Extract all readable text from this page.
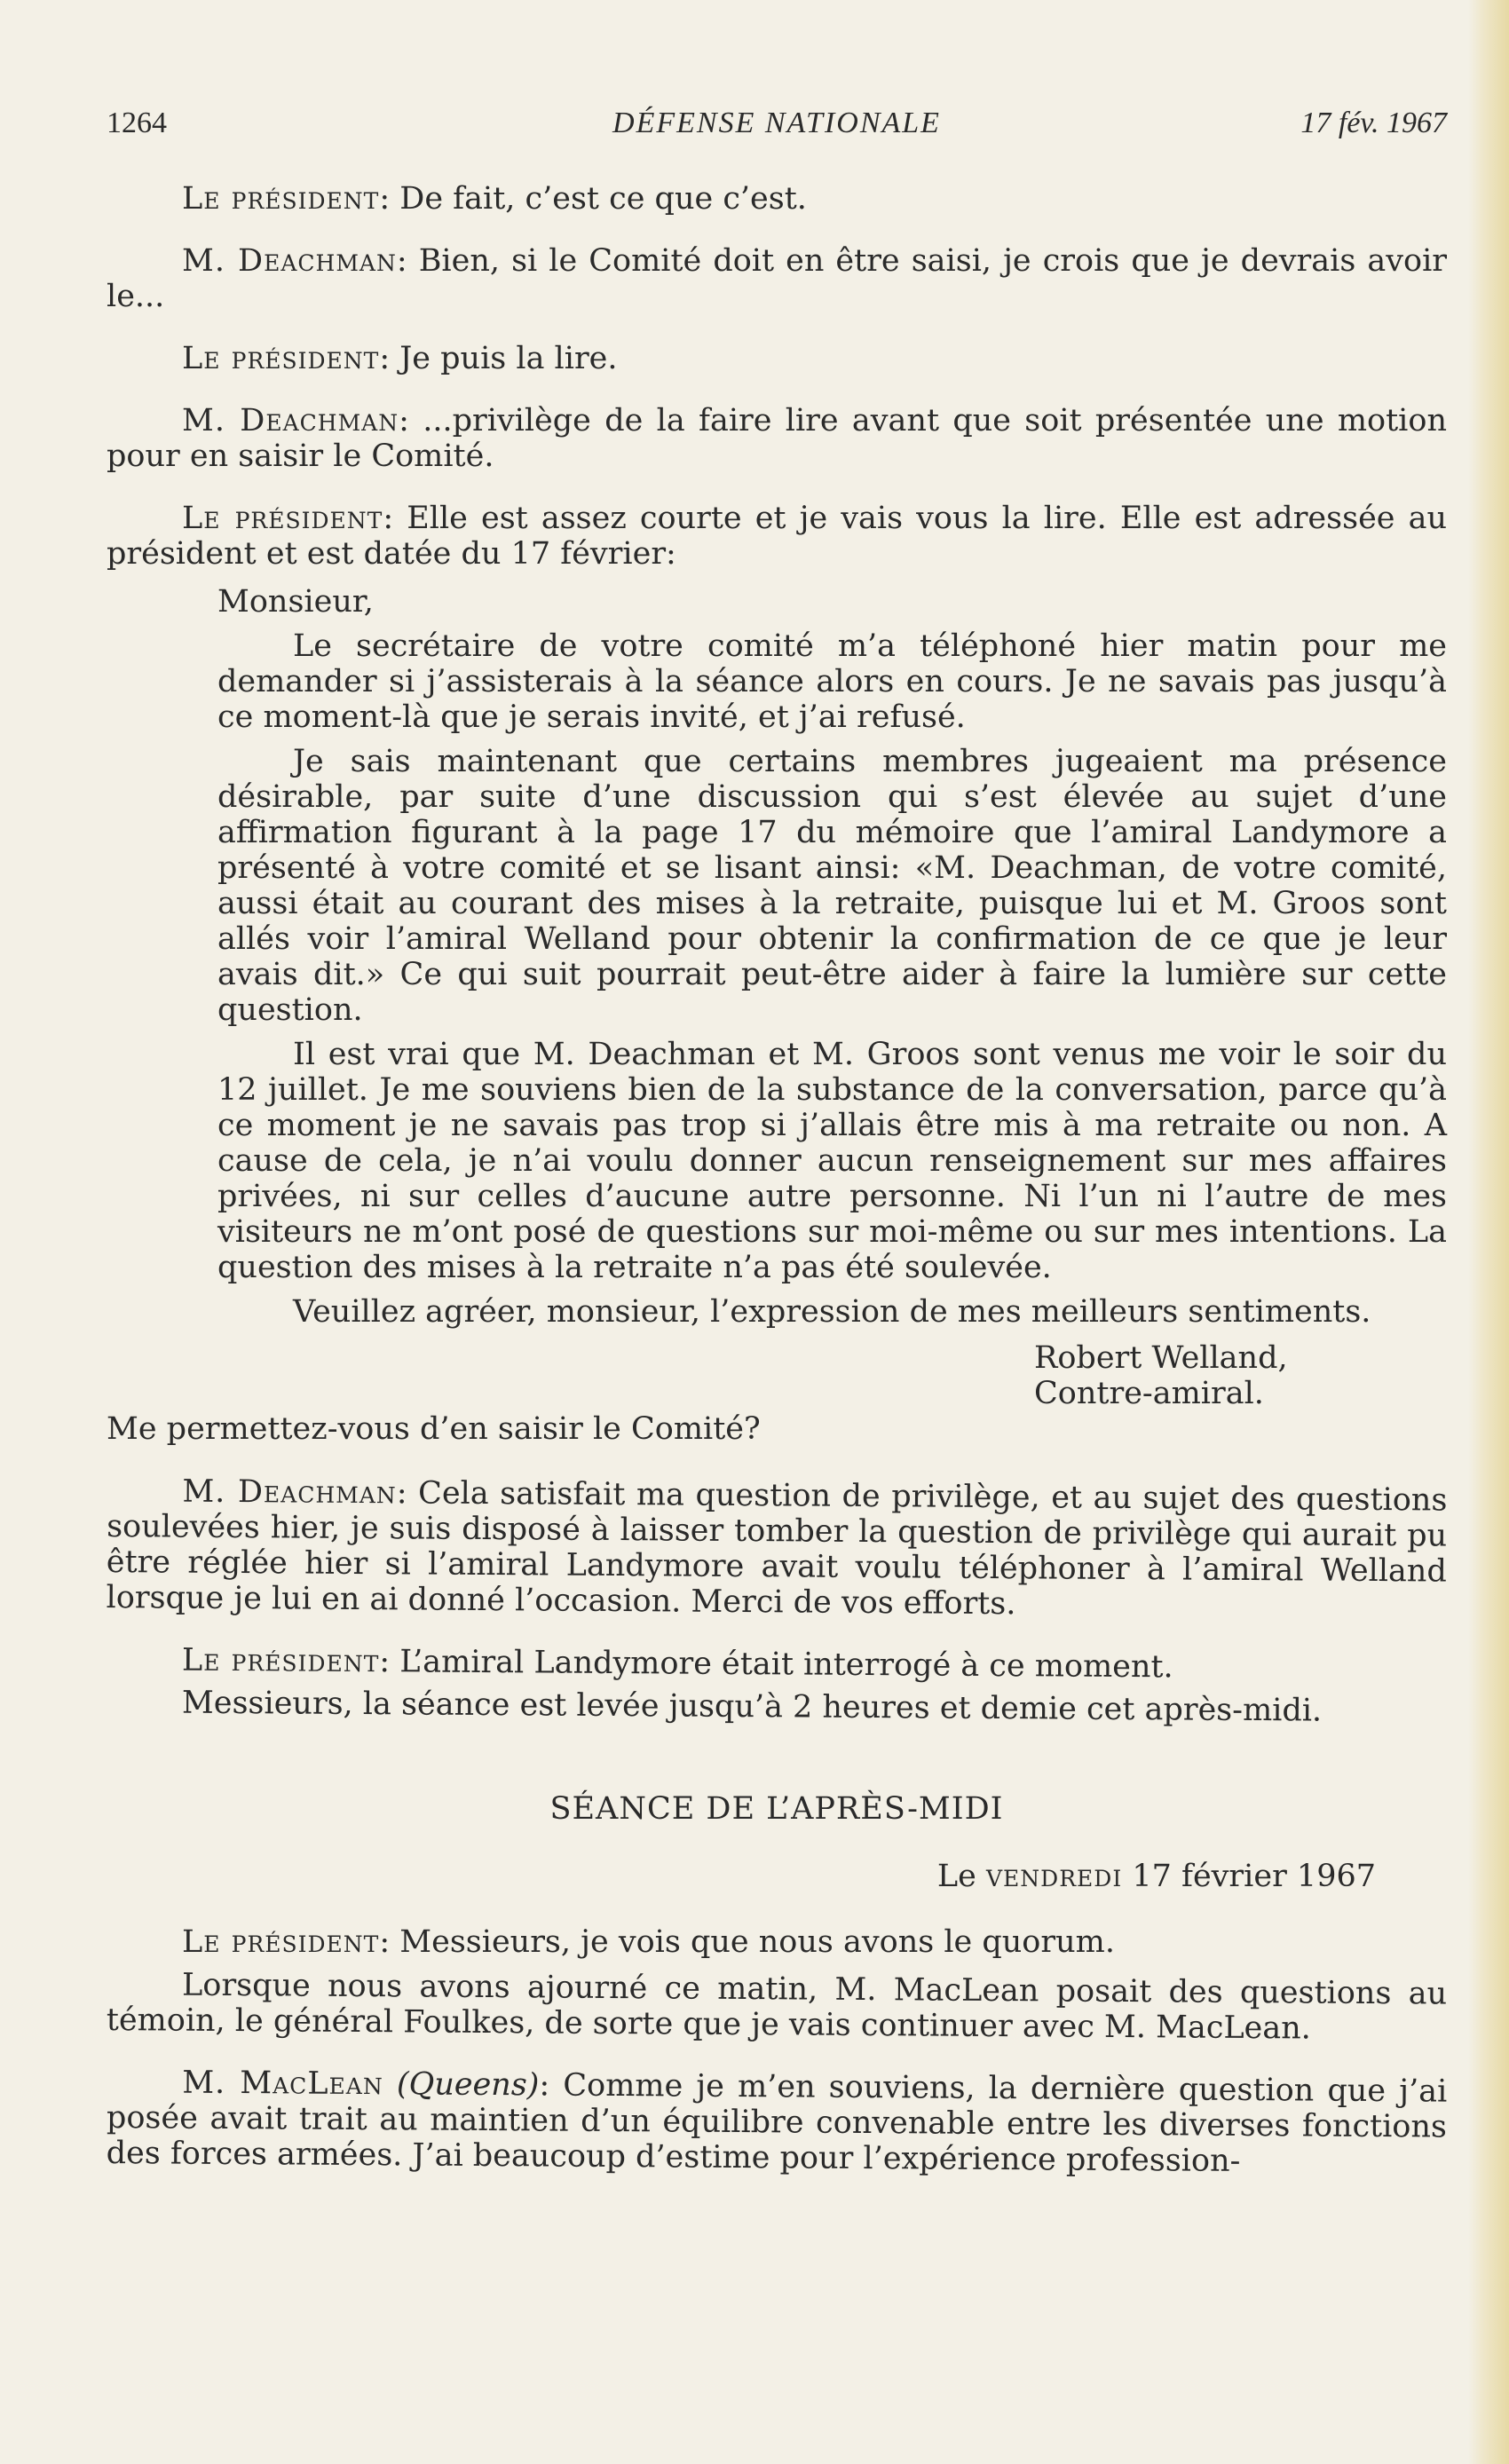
1264	DÉFENSE NATIONALE	17 fév. 1967

Le président: De fait, c’est ce que c’est.

M. Deachman: Bien, si le Comité doit en être saisi, je crois que je devrais avoir le...

Le président: Je puis la lire.

M. Deachman: ...privilège de la faire lire avant que soit présentée une motion pour en saisir le Comité.

Le président: Elle est assez courte et je vais vous la lire. Elle est adressée au président et est datée du 17 février:

Monsieur,

Le secrétaire de votre comité m’a téléphoné hier matin pour me demander si j’assisterais à la séance alors en cours. Je ne savais pas jusqu’à ce moment-là que je serais invité, et j’ai refusé.

Je sais maintenant que certains membres jugeaient ma présence désirable, par suite d’une discussion qui s’est élevée au sujet d’une affirmation figurant à la page 17 du mémoire que l’amiral Landymore a présenté à votre comité et se lisant ainsi: «M. Deachman, de votre comité, aussi était au courant des mises à la retraite, puisque lui et M. Groos sont allés voir l’amiral Welland pour obtenir la confirmation de ce que je leur avais dit.» Ce qui suit pourrait peut-être aider à faire la lumière sur cette question.

Il est vrai que M. Deachman et M. Groos sont venus me voir le soir du 12 juillet. Je me souviens bien de la substance de la conversation, parce qu’à ce moment je ne savais pas trop si j’allais être mis à ma retraite ou non. A cause de cela, je n’ai voulu donner aucun renseignement sur mes affaires privées, ni sur celles d’aucune autre personne. Ni l’un ni l’autre de mes visiteurs ne m’ont posé de questions sur moi-même ou sur mes intentions. La question des mises à la retraite n’a pas été soulevée.

Veuillez agréer, monsieur, l’expression de mes meilleurs sentiments.

Robert Welland,
Contre-amiral.

Me permettez-vous d’en saisir le Comité?

M. Deachman: Cela satisfait ma question de privilège, et au sujet des questions soulevées hier, je suis disposé à laisser tomber la question de privilège qui aurait pu être réglée hier si l’amiral Landymore avait voulu téléphoner à l’amiral Welland lorsque je lui en ai donné l’occasion. Merci de vos efforts.

Le président: L’amiral Landymore était interrogé à ce moment.

Messieurs, la séance est levée jusqu’à 2 heures et demie cet après-midi.

SÉANCE DE L’APRÈS-MIDI
Le vendredi 17 février 1967

Le président: Messieurs, je vois que nous avons le quorum.

Lorsque nous avons ajourné ce matin, M. MacLean posait des questions au témoin, le général Foulkes, de sorte que je vais continuer avec M. MacLean.

M. MacLean (Queens): Comme je m’en souviens, la dernière question que j’ai posée avait trait au maintien d’un équilibre convenable entre les diverses fonctions des forces armées. J’ai beaucoup d’estime pour l’expérience profession-
